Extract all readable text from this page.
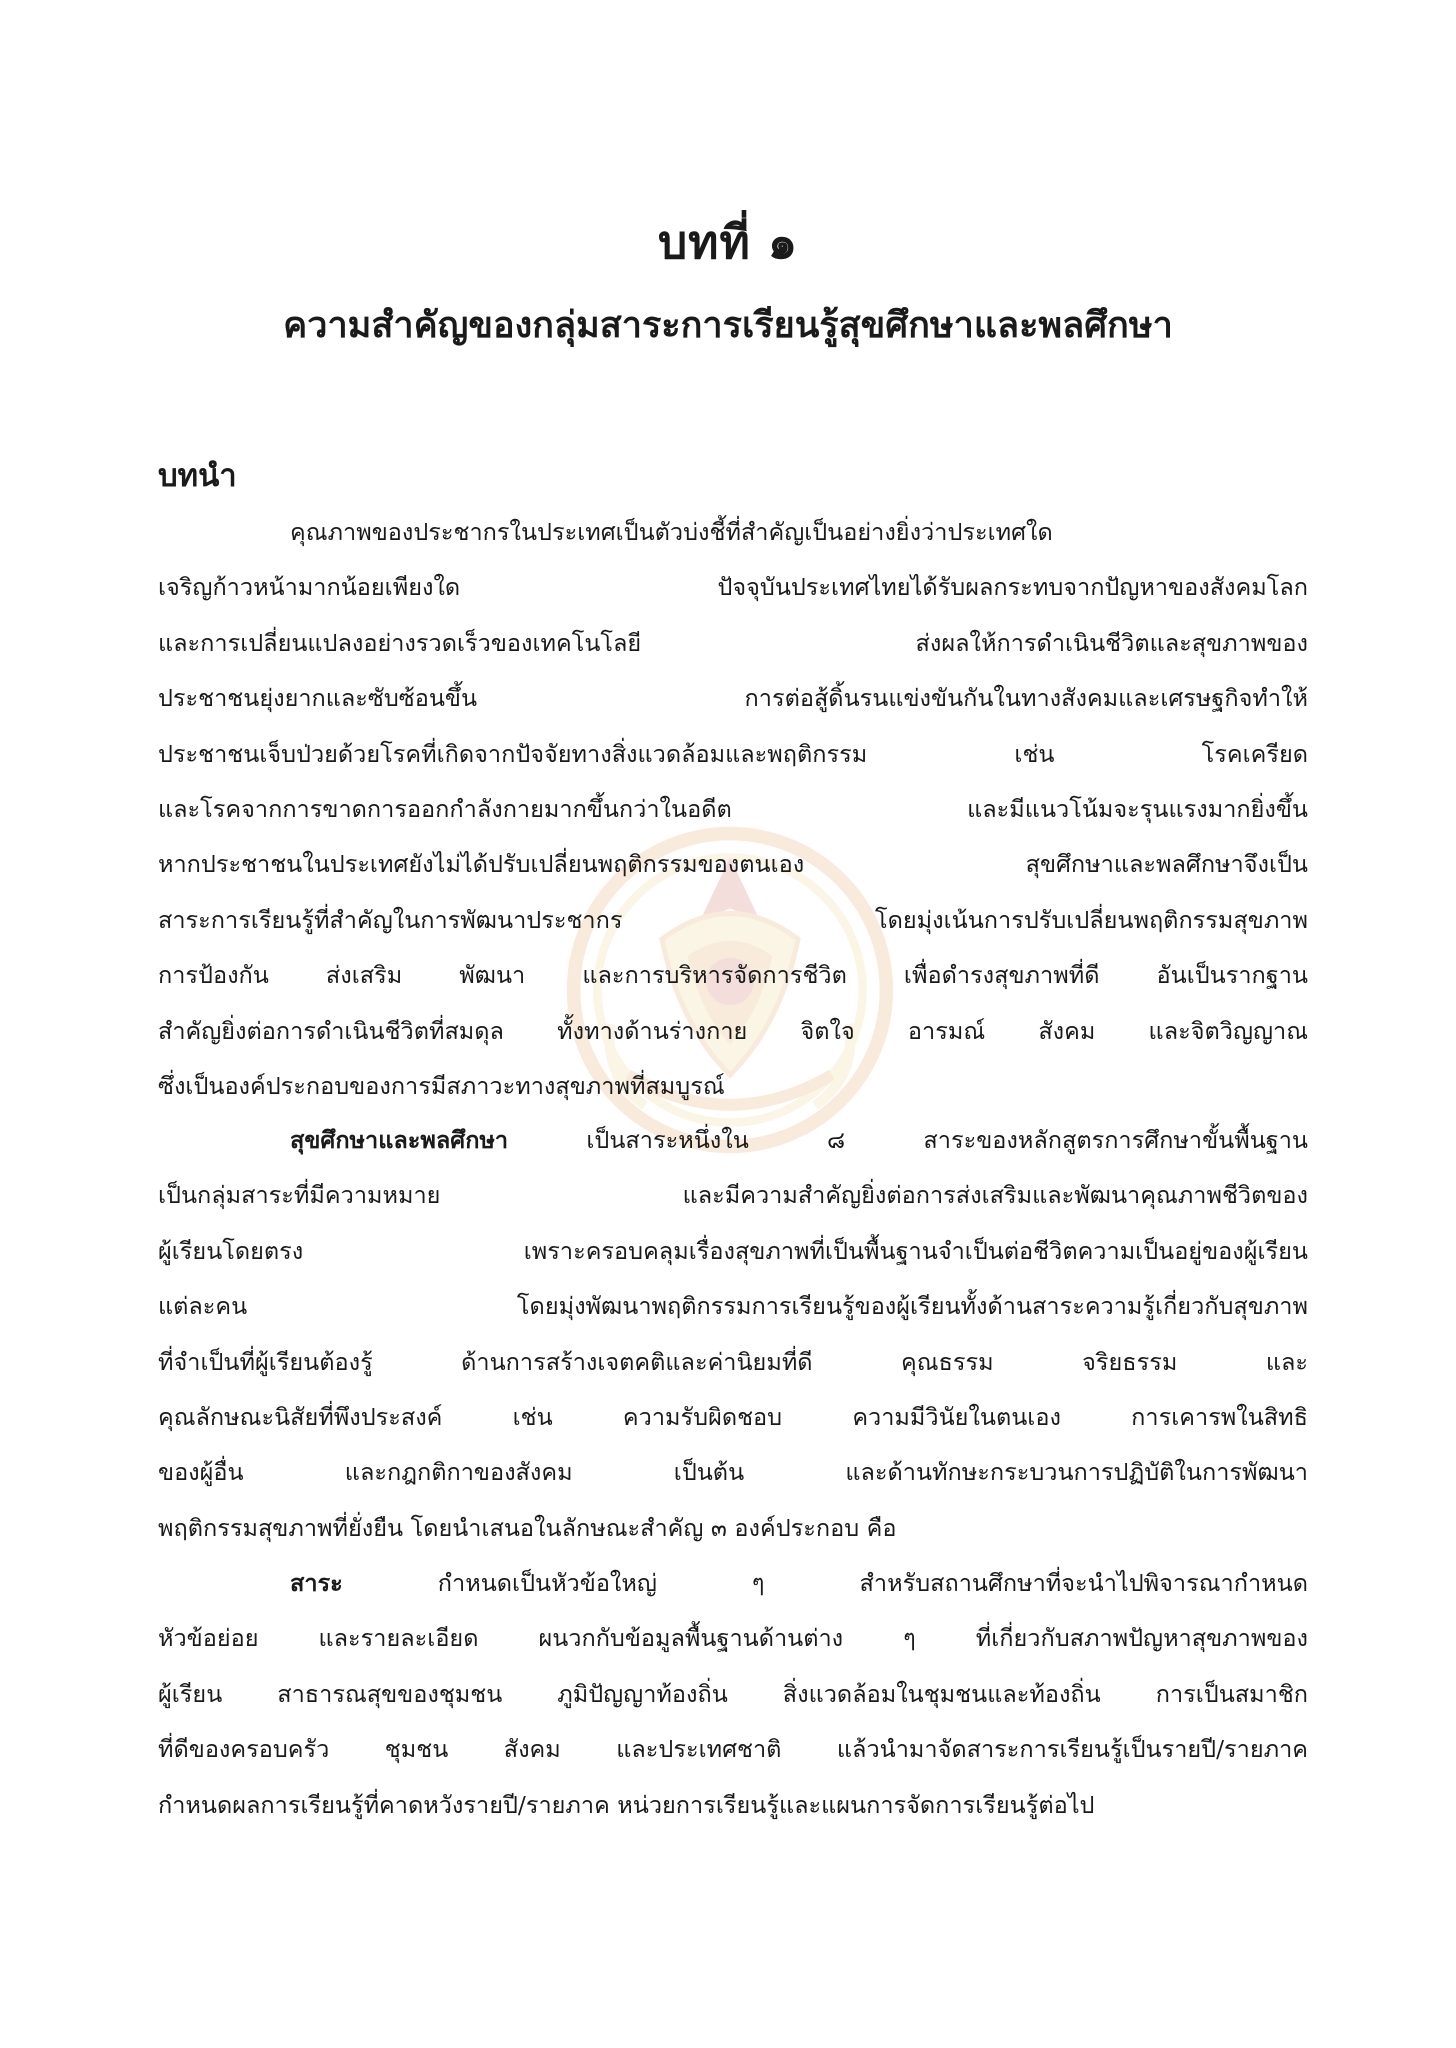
บทที่ ๑
ความสำคัญของกลุ่มสาระการเรียนรู้สุขศึกษาและพลศึกษา
บทนำ
คุณภาพของประชากรในประเทศเป็นตัวบ่งชี้ที่สำคัญเป็นอย่างยิ่งว่าประเทศใด
เจริญก้าวหน้ามากน้อยเพียงใด ปัจจุบันประเทศไทยได้รับผลกระทบจากปัญหาของสังคมโลก
และการเปลี่ยนแปลงอย่างรวดเร็วของเทคโนโลยี ส่งผลให้การดำเนินชีวิตและสุขภาพของ
ประชาชนยุ่งยากและซับซ้อนขึ้น การต่อสู้ดิ้นรนแข่งขันกันในทางสังคมและเศรษฐกิจทำให้
ประชาชนเจ็บป่วยด้วยโรคที่เกิดจากปัจจัยทางสิ่งแวดล้อมและพฤติกรรม เช่น โรคเครียด
และโรคจากการขาดการออกกำลังกายมากขึ้นกว่าในอดีต และมีแนวโน้มจะรุนแรงมากยิ่งขึ้น
หากประชาชนในประเทศยังไม่ได้ปรับเปลี่ยนพฤติกรรมของตนเอง สุขศึกษาและพลศึกษาจึงเป็น
สาระการเรียนรู้ที่สำคัญในการพัฒนาประชากร โดยมุ่งเน้นการปรับเปลี่ยนพฤติกรรมสุขภาพ
การป้องกัน ส่งเสริม พัฒนา และการบริหารจัดการชีวิต เพื่อดำรงสุขภาพที่ดี อันเป็นรากฐาน
สำคัญยิ่งต่อการดำเนินชีวิตที่สมดุล ทั้งทางด้านร่างกาย จิตใจ อารมณ์ สังคม และจิตวิญญาณ
ซึ่งเป็นองค์ประกอบของการมีสภาวะทางสุขภาพที่สมบูรณ์
สุขศึกษาและพลศึกษา เป็นสาระหนึ่งใน ๘ สาระของหลักสูตรการศึกษาขั้นพื้นฐาน
เป็นกลุ่มสาระที่มีความหมาย และมีความสำคัญยิ่งต่อการส่งเสริมและพัฒนาคุณภาพชีวิตของ
ผู้เรียนโดยตรง เพราะครอบคลุมเรื่องสุขภาพที่เป็นพื้นฐานจำเป็นต่อชีวิตความเป็นอยู่ของผู้เรียน
แต่ละคน โดยมุ่งพัฒนาพฤติกรรมการเรียนรู้ของผู้เรียนทั้งด้านสาระความรู้เกี่ยวกับสุขภาพ
ที่จำเป็นที่ผู้เรียนต้องรู้ ด้านการสร้างเจตคติและค่านิยมที่ดี คุณธรรม จริยธรรม และ
คุณลักษณะนิสัยที่พึงประสงค์ เช่น ความรับผิดชอบ ความมีวินัยในตนเอง การเคารพในสิทธิ
ของผู้อื่น และกฎกติกาของสังคม เป็นต้น และด้านทักษะกระบวนการปฏิบัติในการพัฒนา
พฤติกรรมสุขภาพที่ยั่งยืน โดยนำเสนอในลักษณะสำคัญ ๓ องค์ประกอบ คือ
สาระ กำหนดเป็นหัวข้อใหญ่ ๆ สำหรับสถานศึกษาที่จะนำไปพิจารณากำหนด
หัวข้อย่อย และรายละเอียด ผนวกกับข้อมูลพื้นฐานด้านต่าง ๆ ที่เกี่ยวกับสภาพปัญหาสุขภาพของ
ผู้เรียน สาธารณสุขของชุมชน ภูมิปัญญาท้องถิ่น สิ่งแวดล้อมในชุมชนและท้องถิ่น การเป็นสมาชิก
ที่ดีของครอบครัว ชุมชน สังคม และประเทศชาติ แล้วนำมาจัดสาระการเรียนรู้เป็นรายปี/รายภาค
กำหนดผลการเรียนรู้ที่คาดหวังรายปี/รายภาค หน่วยการเรียนรู้และแผนการจัดการเรียนรู้ต่อไป
